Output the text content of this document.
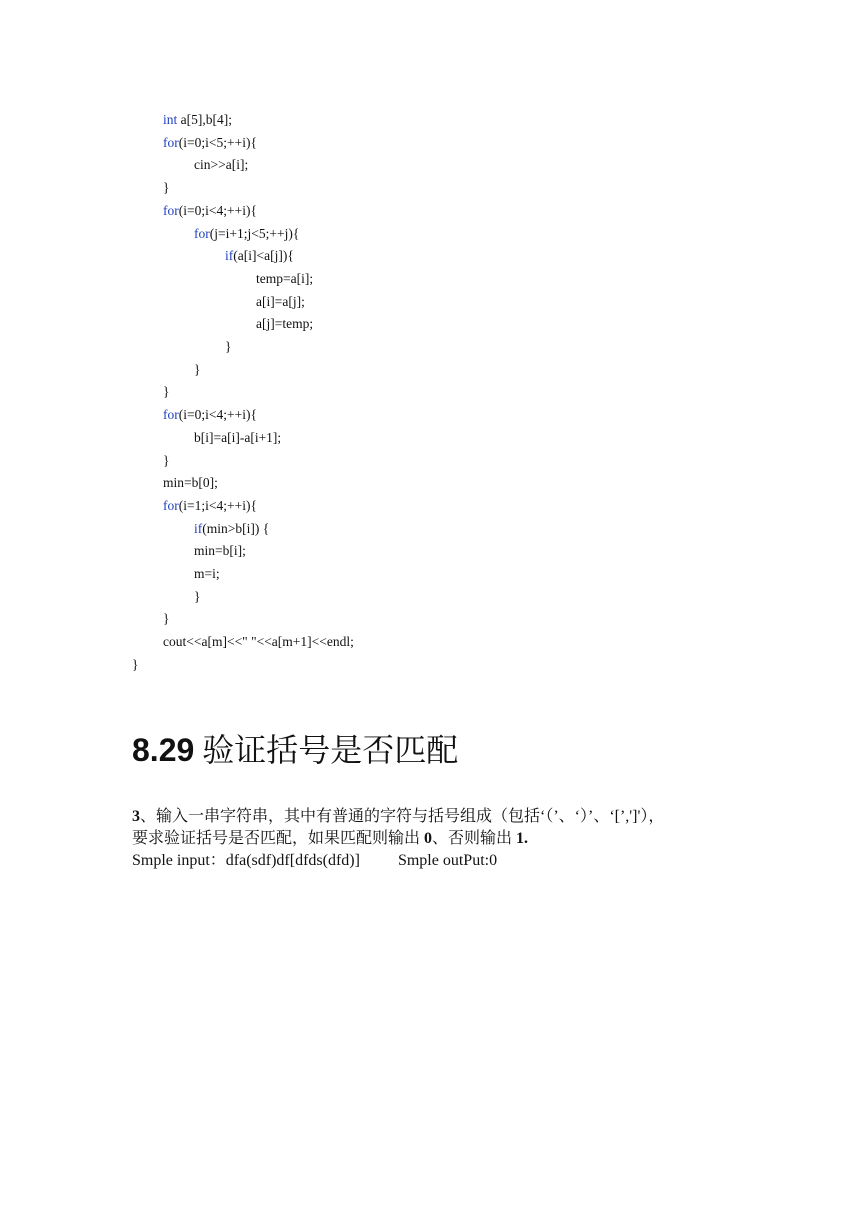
int a[5],b[4];
for(i=0;i<5;++i){
cin>>a[i];
}
for(i=0;i<4;++i){
for(j=i+1;j<5;++j){
if(a[i]<a[j]){
temp=a[i];
a[i]=a[j];
a[j]=temp;
}
}
}
for(i=0;i<4;++i){
b[i]=a[i]-a[i+1];
}
min=b[0];
for(i=1;i<4;++i){
if(min>b[i]) {
min=b[i];
m=i;
}
}
cout<<a[m]<<" "<<a[m+1]<<endl;
}
8.29 验证括号是否匹配
3、输入一串字符串，其中有普通的字符与括号组成（包括‘（’、‘）’、‘[’,']'），
要求验证括号是否匹配，如果匹配则输出 0、否则输出 1.
Smple input：dfa(sdf)df[dfds(dfd)] Smple outPut:0
